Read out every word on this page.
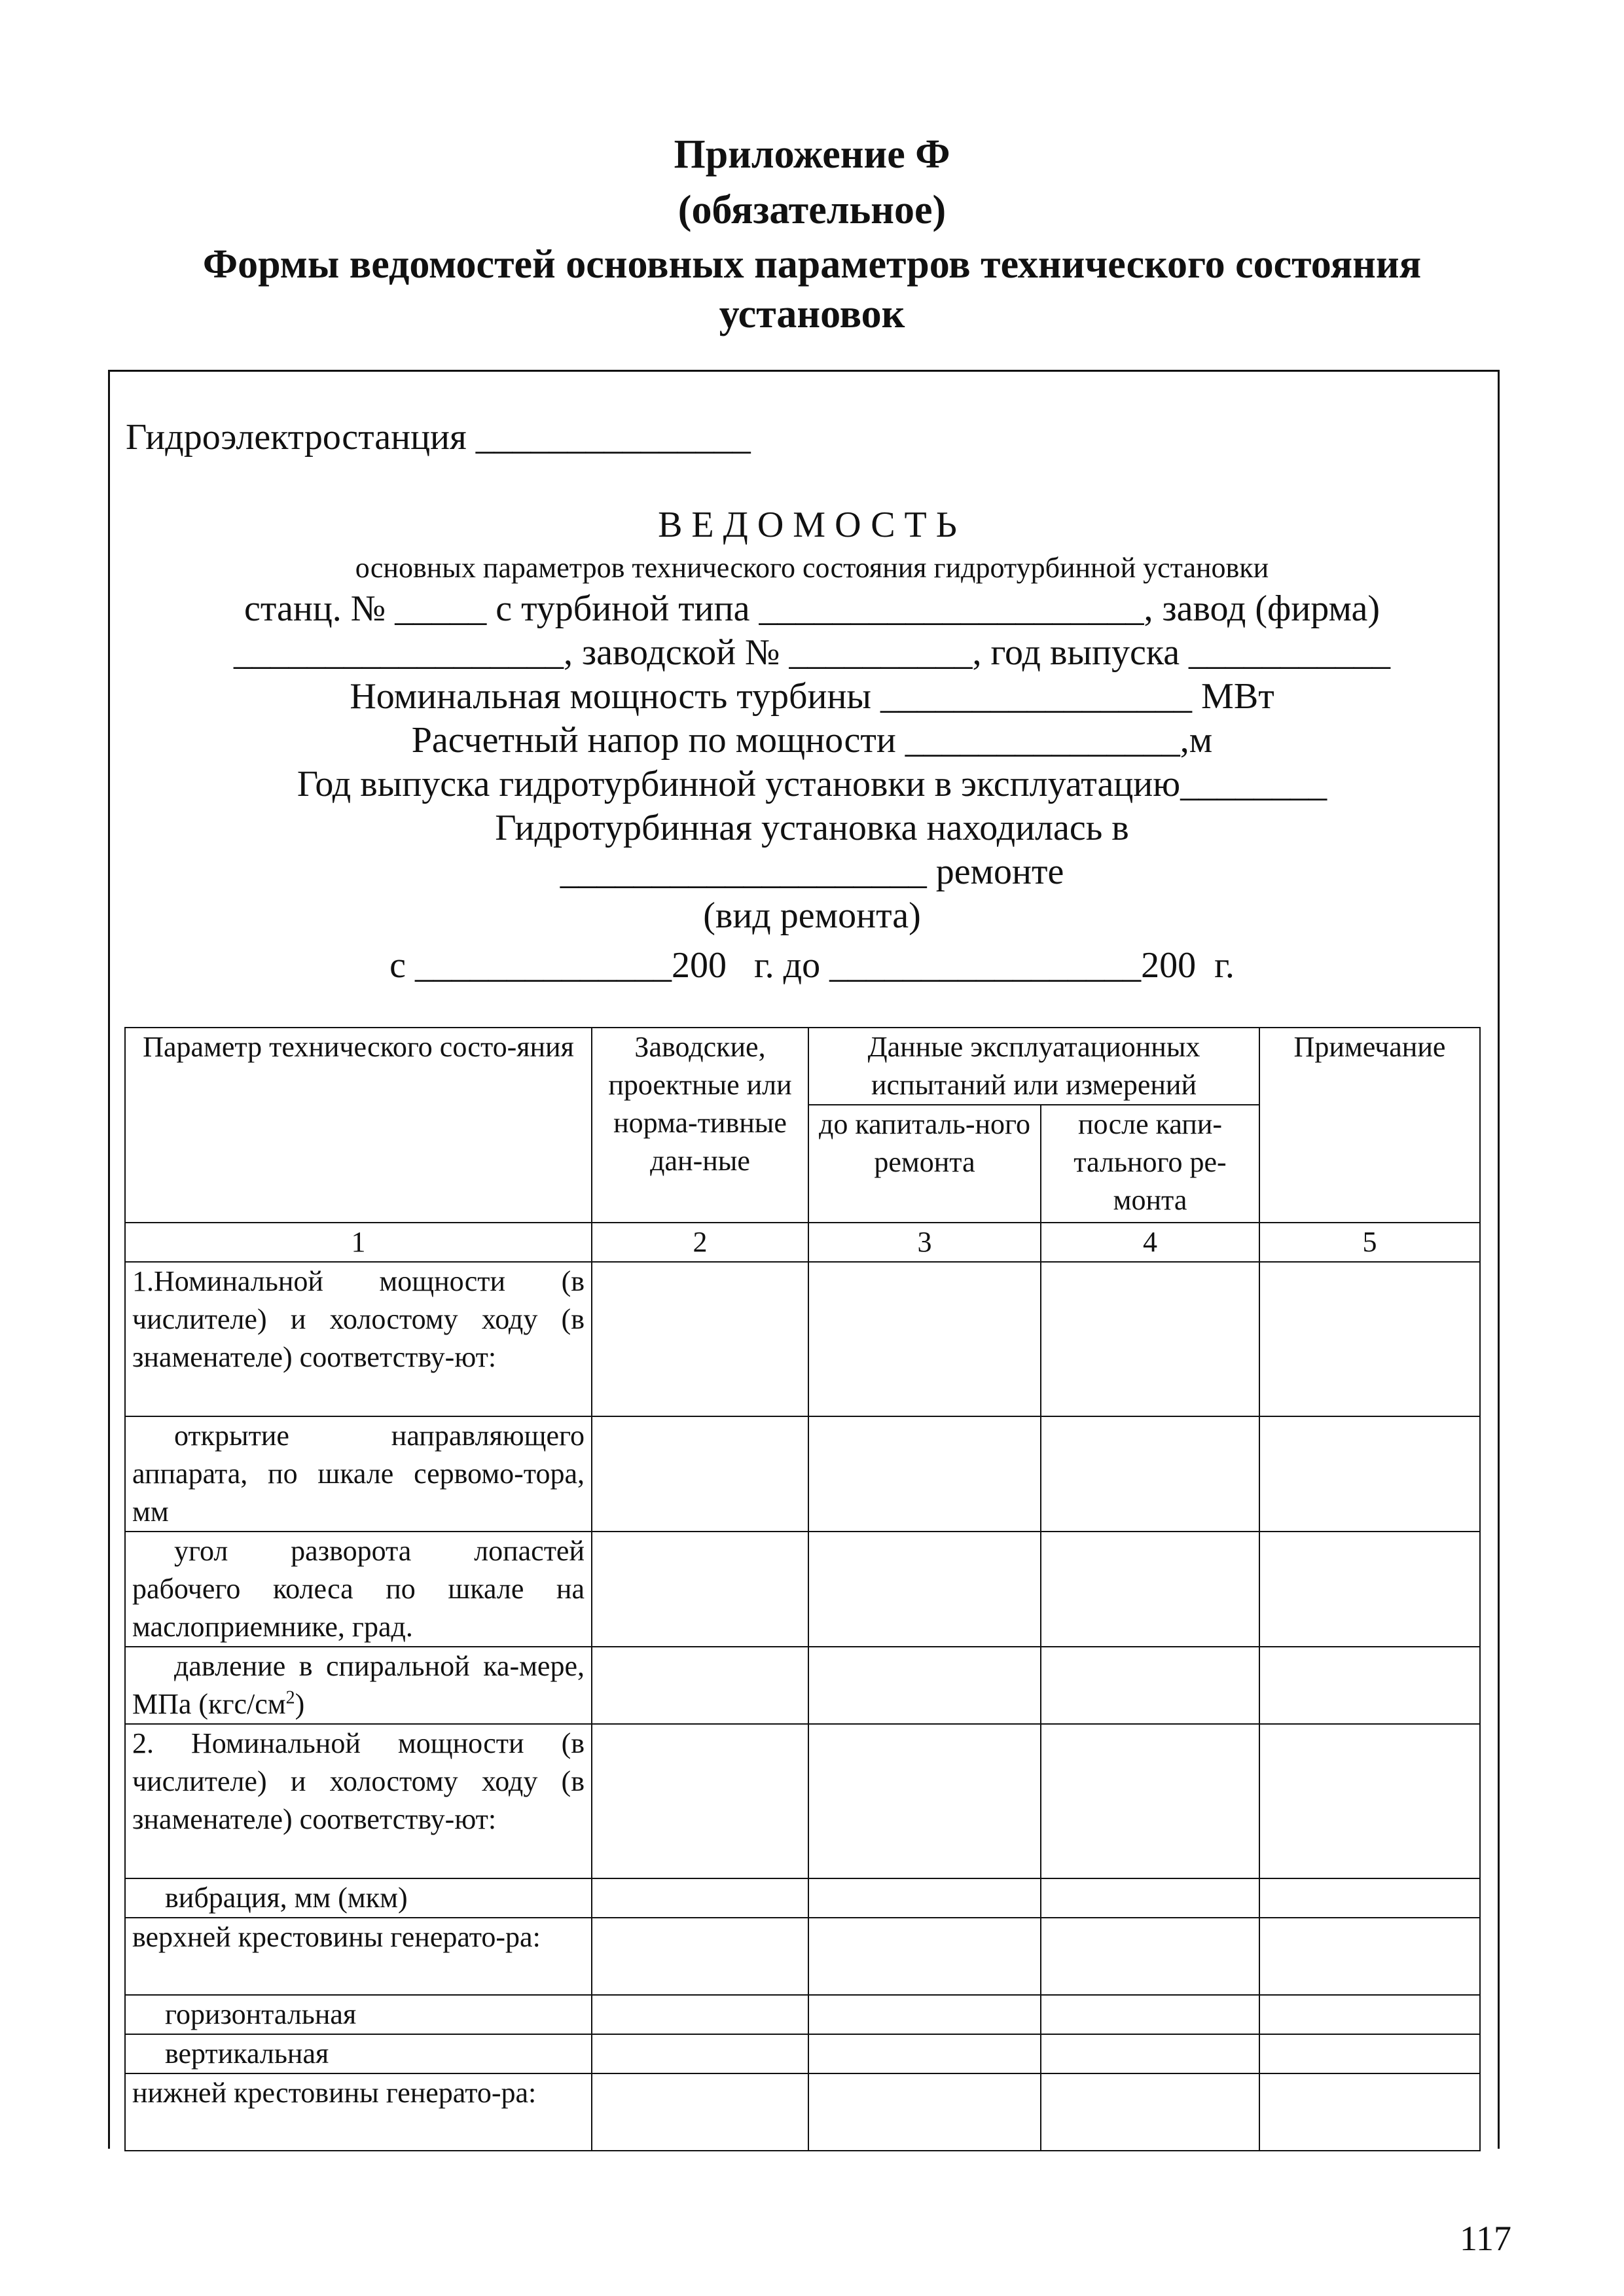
Приложение Ф
(обязательное)
Формы ведомостей основных параметров технического состояния
установок
Гидроэлектростанция _______________
ВЕДОМОСТЬ
основных параметров технического состояния гидротурбинной установки
станц. № _____ с турбиной типа _____________________, завод (фирма)
__________________, заводской № __________, год выпуска ___________
Номинальная мощность турбины _________________ МВт
Расчетный напор по мощности _______________,м
Год выпуска гидротурбинной установки в эксплуатацию________
Гидротурбинная установка находилась в
____________________ ремонте
(вид ремонта)
с ______________200   г. до _________________200  г.
Параметр технического состо-яния	Заводские, проектные или норма-тивные дан-ные	Данные эксплуатационных испытаний или измерений		Примечание
		до капиталь-ного ремонта	после капи-тального ре-монта	
1	2	3	4	5
1.Номинальной мощности (в числителе) и холостому ходу (в знаменателе) соответству-ют:				
открытие направляющего аппарата, по шкале сервомо-тора, мм				
угол разворота лопастей рабочего колеса по шкале на маслоприемнике, град.				
давление в спиральной ка-мере, МПа $(кгс/см^2)$				
2. Номинальной мощности (в числителе) и холостому ходу (в знаменателе) соответству-ют:				
вибрация, мм (мкм)				
верхней крестовины генерато-ра:				
горизонтальная				
вертикальная				
нижней крестовины генерато-ра:				
117
